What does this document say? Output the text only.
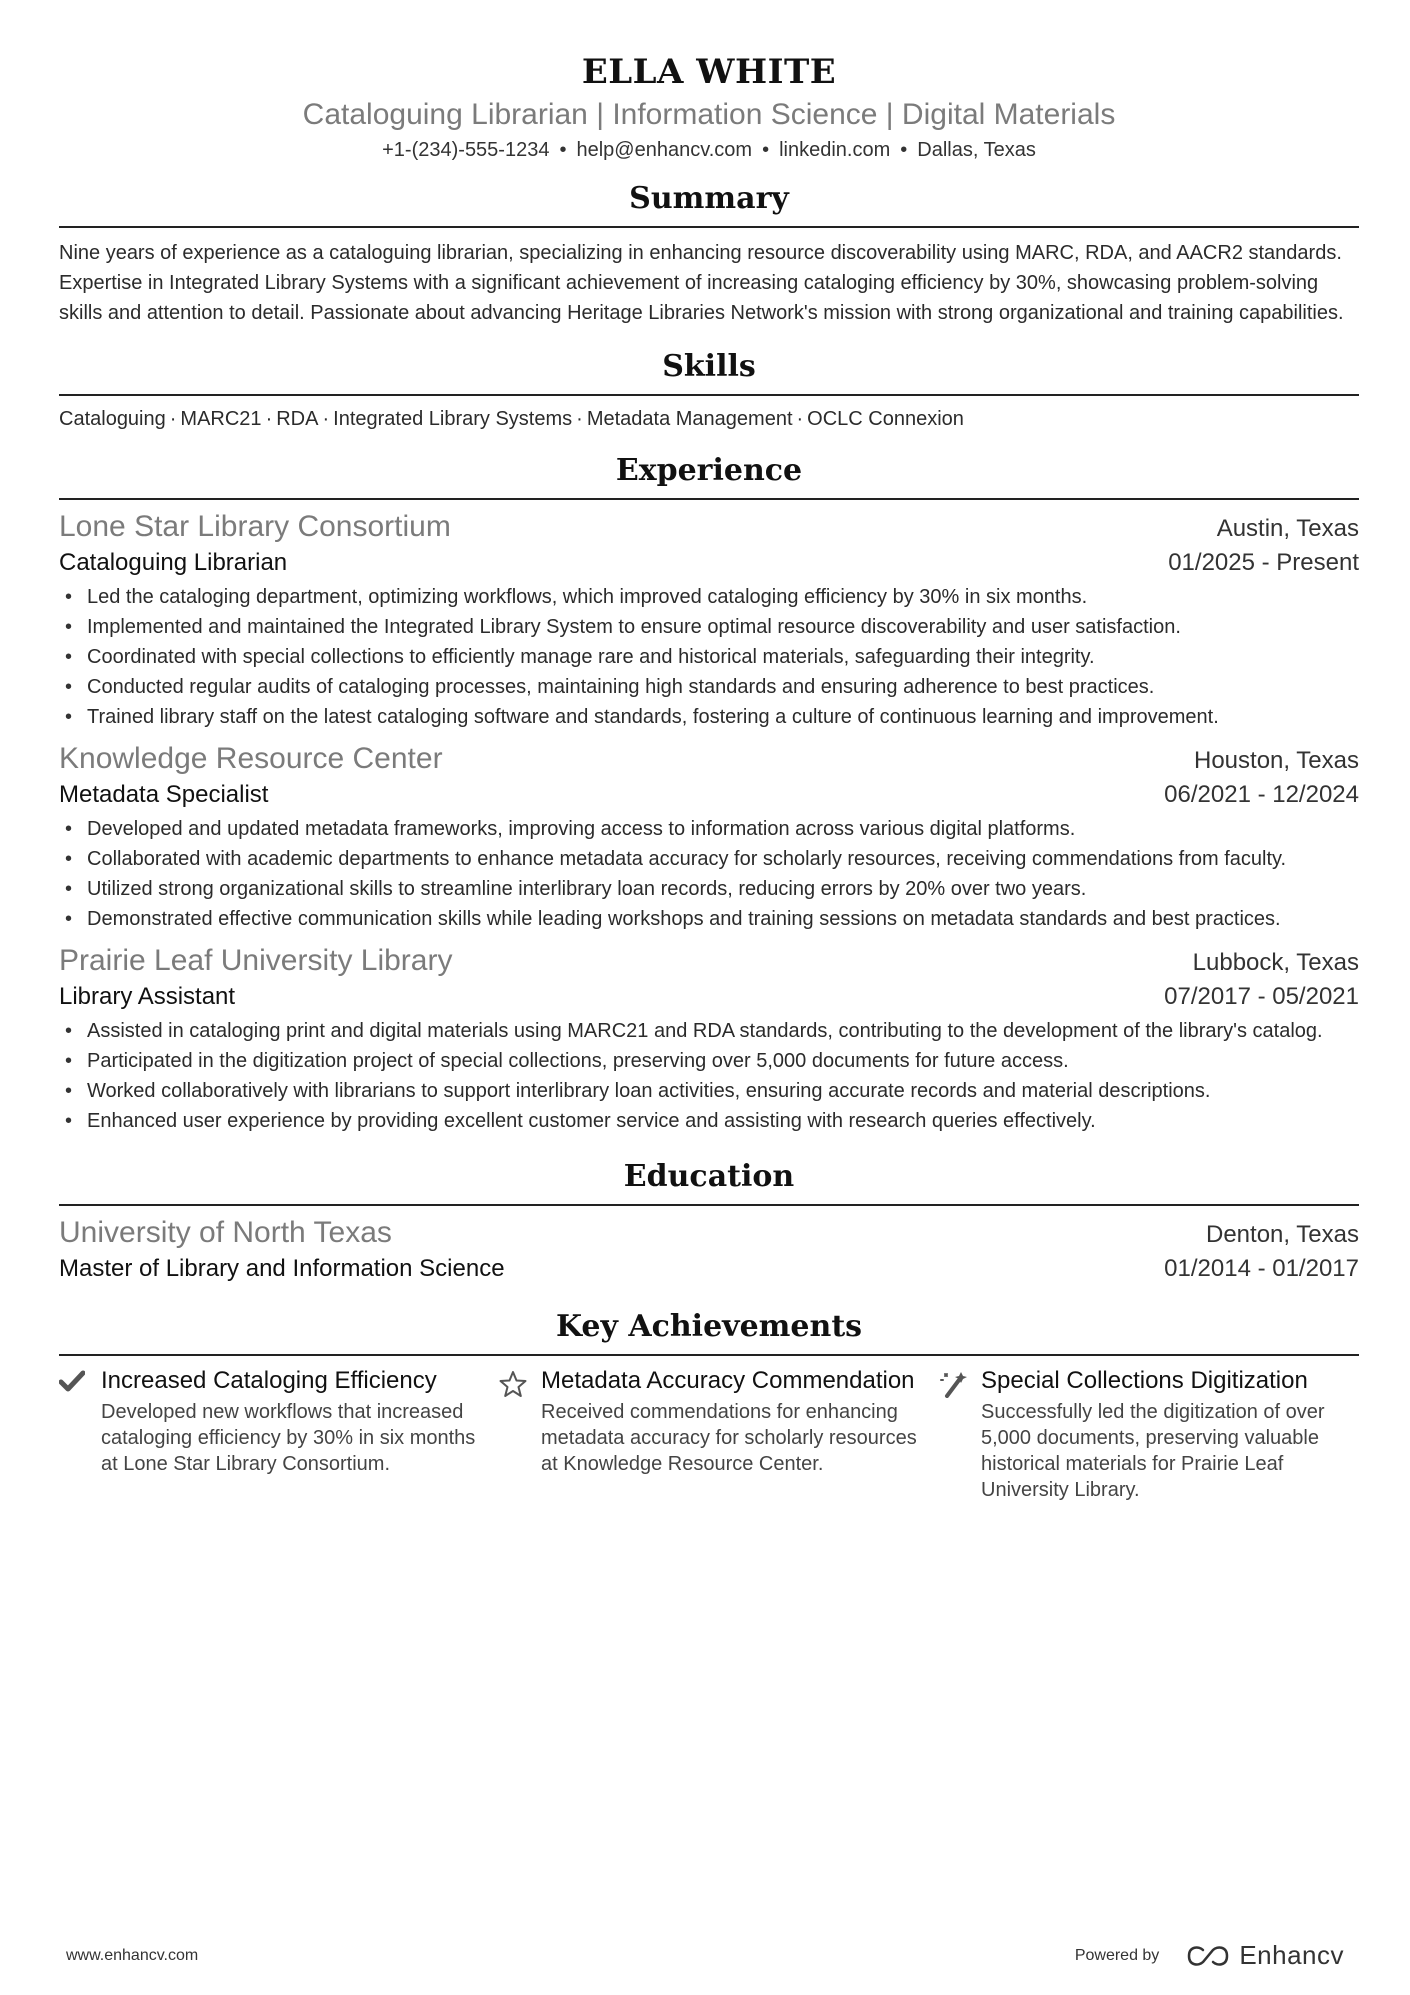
ELLA WHITE
Cataloguing Librarian | Information Science | Digital Materials
+1-(234)-555-1234 • help@enhancv.com • linkedin.com • Dallas, Texas
Summary
Nine years of experience as a cataloguing librarian, specializing in enhancing resource discoverability using MARC, RDA, and AACR2 standards. Expertise in Integrated Library Systems with a significant achievement of increasing cataloging efficiency by 30%, showcasing problem-solving skills and attention to detail. Passionate about advancing Heritage Libraries Network's mission with strong organizational and training capabilities.
Skills
Cataloguing · MARC21 · RDA · Integrated Library Systems · Metadata Management · OCLC Connexion
Experience
Lone Star Library Consortium	Austin, Texas
Cataloguing Librarian	01/2025 - Present
• Led the cataloging department, optimizing workflows, which improved cataloging efficiency by 30% in six months.
• Implemented and maintained the Integrated Library System to ensure optimal resource discoverability and user satisfaction.
• Coordinated with special collections to efficiently manage rare and historical materials, safeguarding their integrity.
• Conducted regular audits of cataloging processes, maintaining high standards and ensuring adherence to best practices.
• Trained library staff on the latest cataloging software and standards, fostering a culture of continuous learning and improvement.
Knowledge Resource Center	Houston, Texas
Metadata Specialist	06/2021 - 12/2024
• Developed and updated metadata frameworks, improving access to information across various digital platforms.
• Collaborated with academic departments to enhance metadata accuracy for scholarly resources, receiving commendations from faculty.
• Utilized strong organizational skills to streamline interlibrary loan records, reducing errors by 20% over two years.
• Demonstrated effective communication skills while leading workshops and training sessions on metadata standards and best practices.
Prairie Leaf University Library	Lubbock, Texas
Library Assistant	07/2017 - 05/2021
• Assisted in cataloging print and digital materials using MARC21 and RDA standards, contributing to the development of the library's catalog.
• Participated in the digitization project of special collections, preserving over 5,000 documents for future access.
• Worked collaboratively with librarians to support interlibrary loan activities, ensuring accurate records and material descriptions.
• Enhanced user experience by providing excellent customer service and assisting with research queries effectively.
Education
University of North Texas	Denton, Texas
Master of Library and Information Science	01/2014 - 01/2017
Key Achievements
Increased Cataloging Efficiency
Developed new workflows that increased cataloging efficiency by 30% in six months at Lone Star Library Consortium.
Metadata Accuracy Commendation
Received commendations for enhancing metadata accuracy for scholarly resources at Knowledge Resource Center.
Special Collections Digitization
Successfully led the digitization of over 5,000 documents, preserving valuable historical materials for Prairie Leaf University Library.
www.enhancv.com	Powered by	Enhancv
